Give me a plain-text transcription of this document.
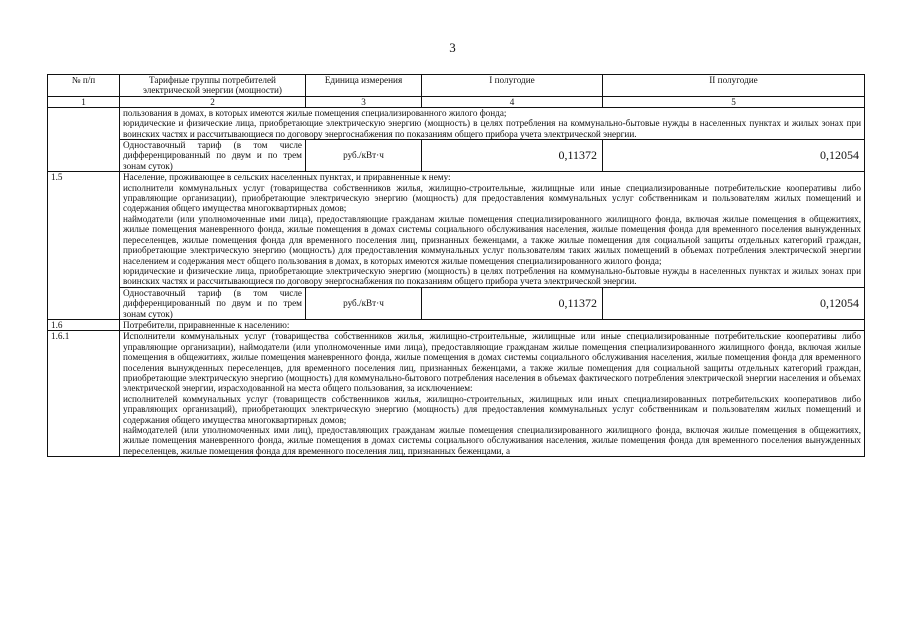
3
№ п/п	Тарифные группы потребителей электрической энергии (мощности)	Единица измерения	I полугодие	II полугодие
1	2	3	4	5

	пользования в домах, в которых имеются жилые помещения специализированного жилого фонда;
юридические и физические лица, приобретающие электрическую энергию (мощность) в целях потребления на коммунально-бытовые нужды в населенных пунктах и жилых зонах при воинских частях и рассчитывающиеся по договору энергоснабжения по показаниям общего прибора учета электрической энергии.			

	Одноставочный тариф (в том числе дифференцированный по двум и по трем зонам суток)	руб./кВт·ч	0,11372	0,12054
1.5	Население, проживающее в сельских населенных пунктах, и приравненные к нему:
исполнители коммунальных услуг (товарищества собственников жилья, жилищно-строительные, жилищные или иные специализированные потребительские кооперативы либо управляющие организации), приобретающие электрическую энергию (мощность) для предоставления коммунальных услуг собственникам и пользователям жилых помещений и содержания общего имущества многоквартирных домов;
наймодатели (или уполномоченные ими лица), предоставляющие гражданам жилые помещения специализированного жилищного фонда, включая жилые помещения в общежитиях, жилые помещения маневренного фонда, жилые помещения в домах системы социального обслуживания населения, жилые помещения фонда для временного поселения вынужденных переселенцев, жилые помещения фонда для временного поселения лиц, признанных беженцами, а также жилые помещения для социальной защиты отдельных категорий граждан, приобретающие электрическую энергию (мощность) для предоставления коммунальных услуг пользователям таких жилых помещений в объемах потребления электрической энергии населением и содержания мест общего пользования в домах, в которых имеются жилые помещения специализированного жилого фонда;
юридические и физические лица, приобретающие электрическую энергию (мощность) в целях потребления на коммунально-бытовые нужды в населенных пунктах и жилых зонах при воинских частях и рассчитывающиеся по договору энергоснабжения по показаниям общего прибора учета электрической энергии.			

	Одноставочный тариф (в том числе дифференцированный по двум и по трем зонам суток)	руб./кВт·ч	0,11372	0,12054
1.6	Потребители, приравненные к населению:			
1.6.1	Исполнители коммунальных услуг (товарищества собственников жилья, жилищно-строительные, жилищные или иные специализированные потребительские кооперативы либо управляющие организации), наймодатели (или уполномоченные ими лица), предоставляющие гражданам жилые помещения специализированного жилищного фонда, включая жилые помещения в общежитиях, жилые помещения маневренного фонда, жилые помещения в домах системы социального обслуживания населения, жилые помещения фонда для временного поселения вынужденных переселенцев, для временного поселения лиц, признанных беженцами, а также жилые помещения для социальной защиты отдельных категорий граждан, приобретающие электрическую энергию (мощность) для коммунально-бытового потребления населения в объемах фактического потребления электрической энергии населения и объемах электрической энергии, израсходованной на места общего пользования, за исключением:
исполнителей коммунальных услуг (товариществ собственников жилья, жилищно-строительных, жилищных или иных специализированных потребительских кооперативов либо управляющих организаций), приобретающих электрическую энергию (мощность) для предоставления коммунальных услуг собственникам и пользователям жилых помещений и содержания общего имущества многоквартирных домов;
наймодателей (или уполномоченных ими лиц), предоставляющих гражданам жилые помещения специализированного жилищного фонда, включая жилые помещения в общежитиях, жилые помещения маневренного фонда, жилые помещения в домах системы социального обслуживания населения, жилые помещения фонда для временного поселения вынужденных переселенцев, жилые помещения фонда для временного поселения лиц, признанных беженцами, а			
